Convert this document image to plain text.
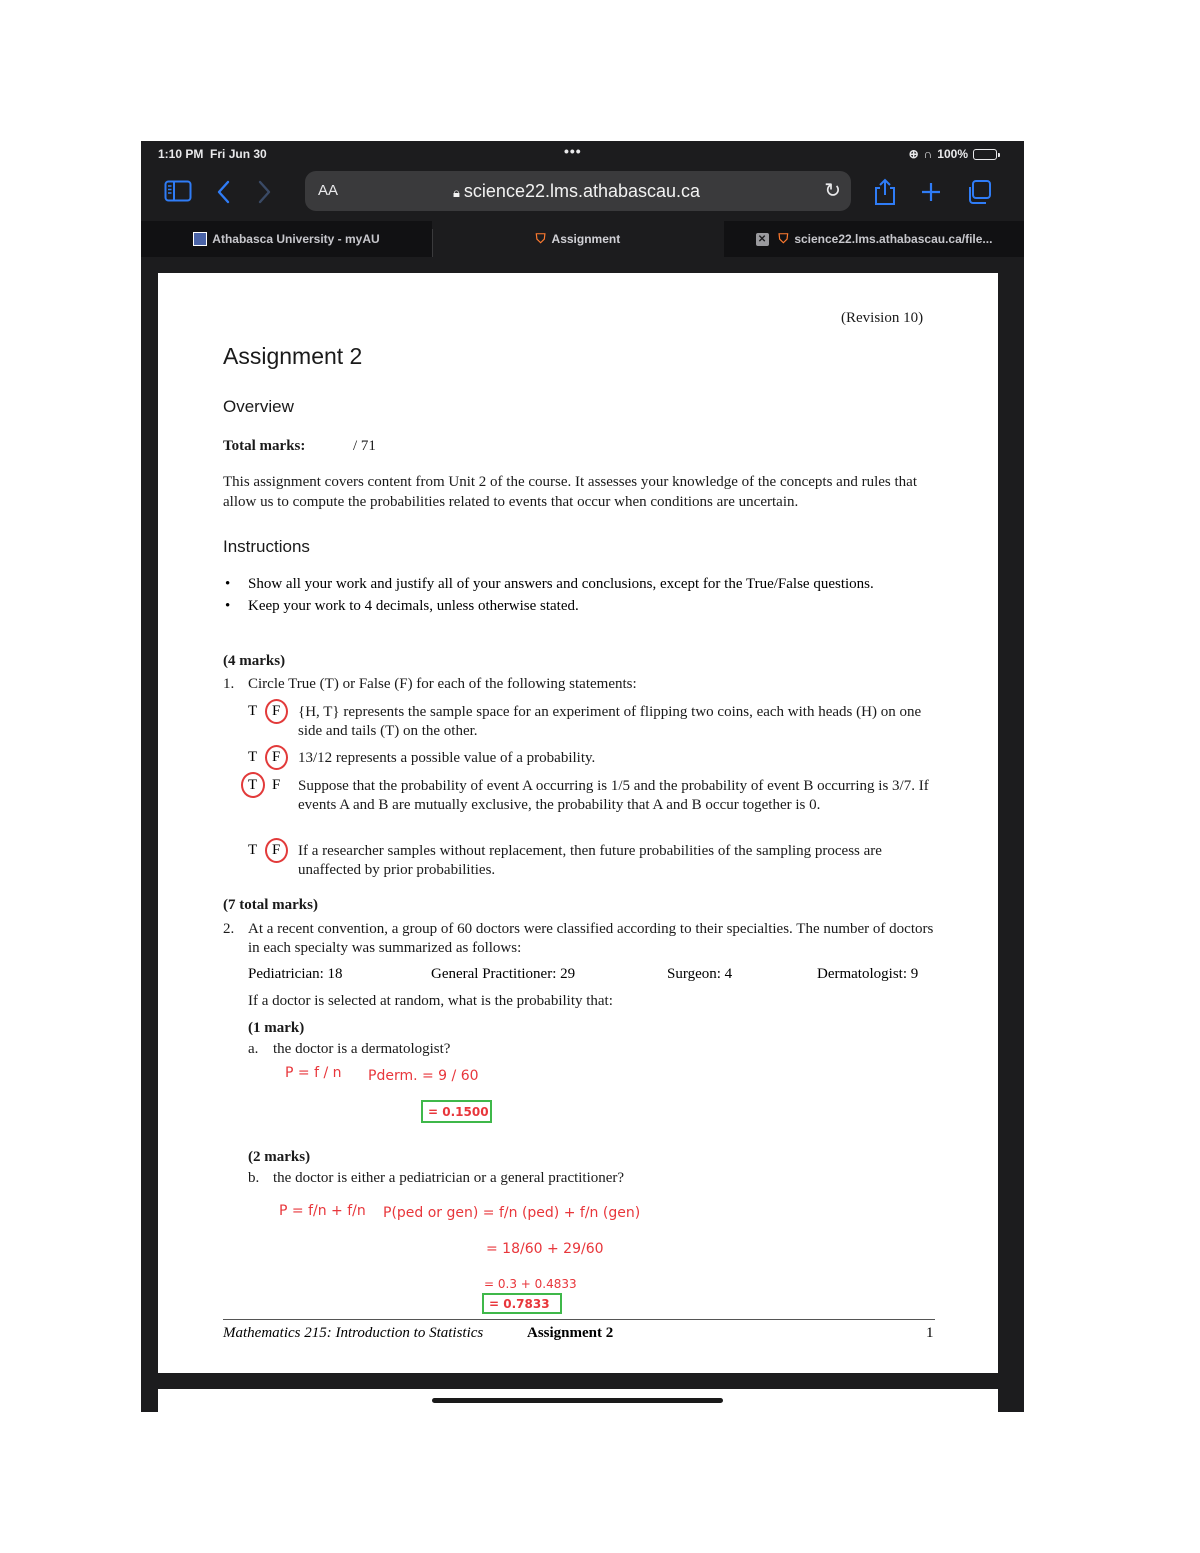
1:10 PM Fri Jun 30	•••	⊕ ∩ 100%
AA	🔒︎ science22.lms.athabascau.ca	↻
Athabasca University - myAU	⛉ Assignment	✕ ⛉ science22.lms.athabascau.ca/file...
(Revision 10)
Assignment 2
Overview
Total marks:	/ 71
This assignment covers content from Unit 2 of the course. It assesses your knowledge of the concepts and rules that allow us to compute the probabilities related to events that occur when conditions are uncertain.
Instructions
• Show all your work and justify all of your answers and conclusions, except for the True/False questions.
• Keep your work to 4 decimals, unless otherwise stated.
(4 marks)
1. Circle True (T) or False (F) for each of the following statements:
T F {H, T} represents the sample space for an experiment of flipping two coins, each with heads (H) on one side and tails (T) on the other.
T F 13/12 represents a possible value of a probability.
T F Suppose that the probability of event A occurring is 1/5 and the probability of event B occurring is 3/7. If events A and B are mutually exclusive, the probability that A and B occur together is 0.
T F If a researcher samples without replacement, then future probabilities of the sampling process are unaffected by prior probabilities.
(7 total marks)
2. At a recent convention, a group of 60 doctors were classified according to their specialties. The number of doctors in each specialty was summarized as follows:
Pediatrician: 18	General Practitioner: 29	Surgeon: 4	Dermatologist: 9
If a doctor is selected at random, what is the probability that:
(1 mark)
a. the doctor is a dermatologist?
P = f / n Pderm. = 9 / 60
= 0.1500
(2 marks)
b. the doctor is either a pediatrician or a general practitioner?
P = f/n + f/n P(ped or gen) = f/n (ped) + f/n (gen)
= 18/60 + 29/60
= 0.3 + 0.4833
= 0.7833
Mathematics 215: Introduction to Statistics	Assignment 2	1
